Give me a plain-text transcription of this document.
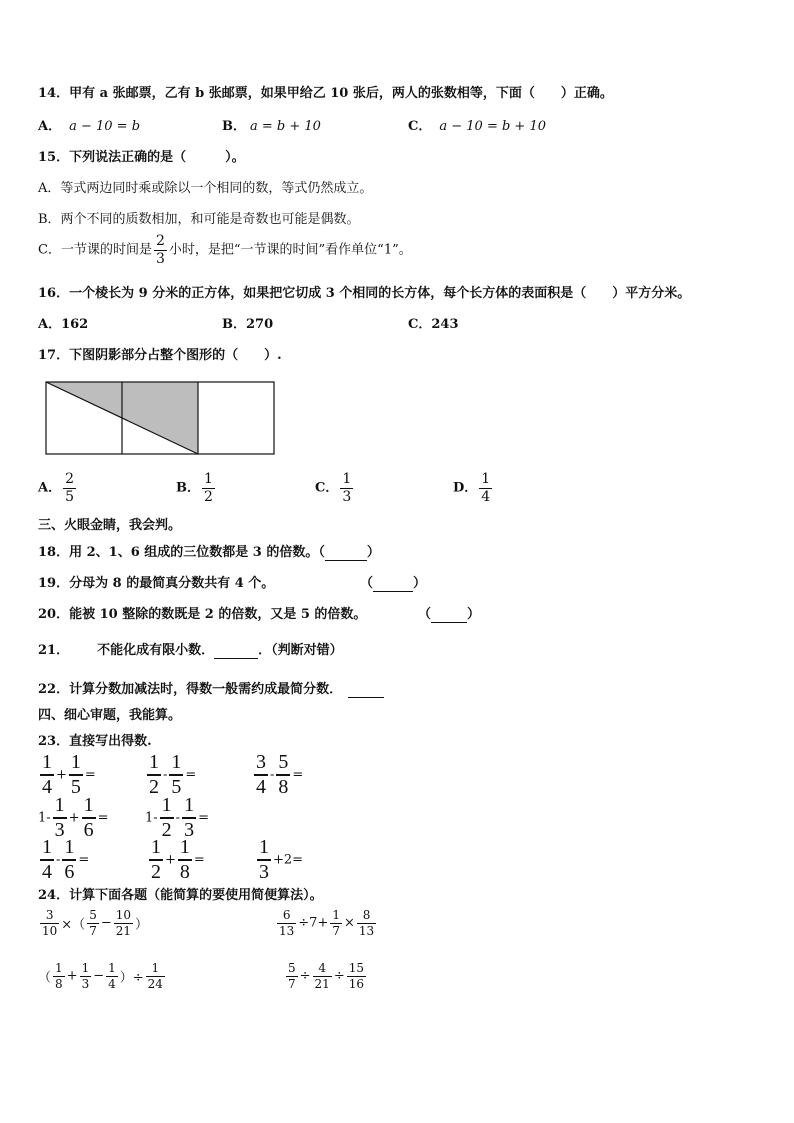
14．甲有 a 张邮票，乙有 b 张邮票，如果甲给乙 10 张后，两人的张数相等，下面（　　）正确。
A． a − 10 = b	B． a = b + 10	C． a − 10 = b + 10
15．下列说法正确的是（　　　）。
A．等式两边同时乘或除以一个相同的数，等式仍然成立。
B．两个不同的质数相加，和可能是奇数也可能是偶数。
C．一节课的时间是 $\frac{2}{3}$ 小时，是把“一节课的时间”看作单位“1”。
16．一个棱长为 9 分米的正方体，如果把它切成 3 个相同的长方体，每个长方体的表面积是（　　）平方分米。
A．162	B．270	C．243
17．下图阴影部分占整个图形的（　　）.
A． $\frac{2}{5}$	B． $\frac{1}{2}$	C． $\frac{1}{3}$	D． $\frac{1}{4}$
三、火眼金睛，我会判。
18．用 2、1、6 组成的三位数都是 3 的倍数。（	）
19．分母为 8 的最简真分数共有 4 个。	（	）
20．能被 10 整除的数既是 2 的倍数，又是 5 的倍数。	（	）
21． 不能化成有限小数．	．（判断对错）
22．计算分数加减法时，得数一般需约成最简分数．
四、细心审题，我能算。
23．直接写出得数.
$\frac{1}{4} + \frac{1}{5}$ =	$\frac{1}{2} - \frac{1}{5}$ =	$\frac{3}{4} - \frac{5}{8}$ =
$1- \frac{1}{3} + \frac{1}{6}$ =	$1- \frac{1}{2} - \frac{1}{3}$ =
$\frac{1}{4} - \frac{1}{6}$ =	$\frac{1}{2} + \frac{1}{8}$ =	$\frac{1}{3} +2=$
24．计算下面各题（能简算的要使用简便算法）。
$\frac{3}{10}$ ×（ $\frac{5}{7} - \frac{10}{21}$ ）	$\frac{6}{13} \div 7+ \frac{1}{7} \times \frac{8}{13}$
（ $\frac{1}{8} + \frac{1}{3} - \frac{1}{4}$ ）÷ $\frac{1}{24}$	$\frac{5}{7} \div \frac{4}{21} \div \frac{15}{16}$
